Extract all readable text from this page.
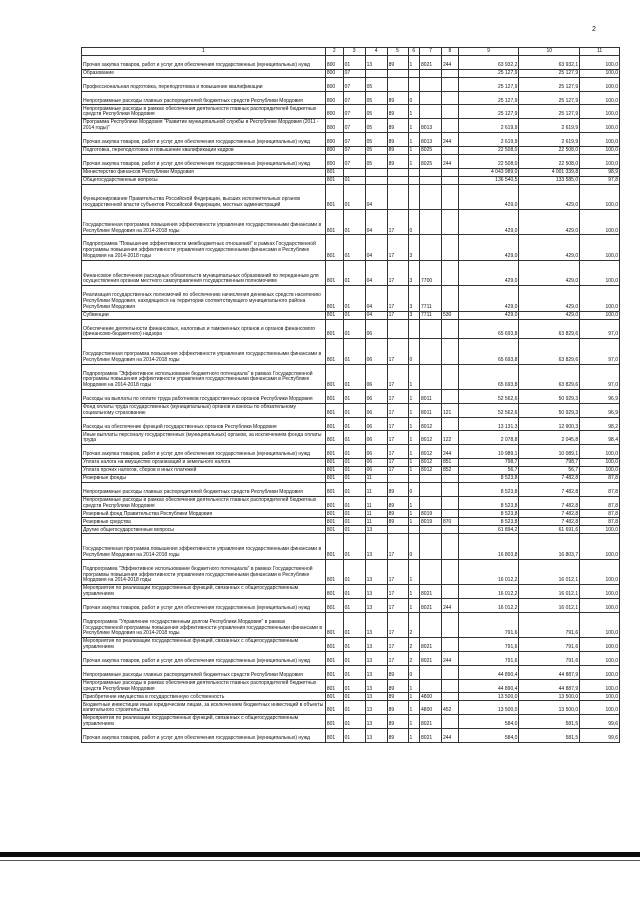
2
1	2	3	4	5	6	7	8	9	10	11
Прочая закупка товаров, работ и услуг для обеспечения государственных (муниципальных) нужд	800	01	13	89	1	8021	244	63 932,2	63 932,1	100,0
Образование	800	07						25 127,9	25 127,9	100,0
Профессиональная подготовка, переподготовка и повышение квалификации	800	07	05					25 127,9	25 127,9	100,0
Непрограммные расходы главных распорядителей бюджетных средств Республики Мордовия	800	07	05	89	0			25 127,9	25 127,9	100,0
Непрограммные расходы в рамках обеспечения деятельности главных распорядителей бюджетных средств Республики Мордовия	800	07	05	89	1			25 127,9	25 127,9	100,0
Программа Республики Мордовия "Развитие муниципальной службы в Республике Мордовия (2011 - 2014 годы)"	800	07	05	89	1	8013		2 619,9	2 619,9	100,0
Прочая закупка товаров, работ и услуг для обеспечения государственных (муниципальных) нужд	800	07	05	89	1	8013	244	2 619,9	2 619,9	100,0
Подготовка, переподготовка и повышение квалификации кадров	800	07	05	89	1	8025		22 508,0	22 508,0	100,0
Прочая закупка товаров, работ и услуг для обеспечения государственных (муниципальных) нужд	800	07	05	89	1	8025	244	22 508,0	22 508,0	100,0
Министерство финансов Республики Мордовия	801							4 043 989,0	4 001 339,8	98,9
Общегосударственные вопросы	801	01						136 540,5	133 585,0	97,8
Функционирование Правительства Российской Федерации, высших исполнительных органов государственной власти субъектов Российской Федерации, местных администраций	801	01	04					429,0	429,0	100,0
Государственная программа повышения эффективности управления государственными финансами в Республике Мордовия на 2014-2018 годы	801	01	04	17	0			429,0	429,0	100,0
Подпрограмма "Повышение эффективности межбюджетных отношений" в рамках Государственной программы повышения эффективности управления государственными финансами в Республике Мордовия на 2014-2018 годы	801	01	04	17	3			429,0	429,0	100,0
Финансовое обеспечение расходных обязательств муниципальных образований по переданным для осуществления органам местного самоуправления государственным полномочиям	801	01	04	17	3	7700		429,0	429,0	100,0
Реализация государственных полномочий по обеспечению начисления денежных средств населению Республики Мордовия, находящихся на территории соответствующего муниципального района Республики Мордовия	801	01	04	17	3	7711		429,0	429,0	100,0
Субвенции	801	01	04	17	3	7711	530	429,0	429,0	100,0
Обеспечение деятельности финансовых, налоговых и таможенных органов и органов финансового (финансово-бюджетного) надзора	801	01	06					65 693,8	63 829,6	97,0
Государственная программа повышения эффективности управления государственными финансами в Республике Мордовия на 2014-2018 годы	801	01	06	17	0			65 693,8	63 829,6	97,0
Подпрограмма "Эффективное использование бюджетного потенциала" в рамках Государственной программы повышения эффективности управления государственными финансами в Республике Мордовия на 2014-2018 годы	801	01	06	17	1			65 693,8	63 829,6	97,0
Расходы на выплаты по оплате труда работников государственных органов Республики Мордовия	801	01	06	17	1	8011		52 562,6	50 929,3	96,9
Фонд оплаты труда государственных (муниципальных) органов и взносы по обязательному социальному страхованию	801	01	06	17	1	8011	121	52 562,6	50 929,3	96,9
Расходы на обеспечение функций государственных органов Республики Мордовия	801	01	06	17	1	8012		13 131,3	12 900,3	98,2
Иные выплаты персоналу государственных (муниципальных) органов, за исключением фонда оплаты труда	801	01	06	17	1	8012	122	2 078,8	2 045,8	98,4
Прочая закупка товаров, работ и услуг для обеспечения государственных (муниципальных) нужд	801	01	06	17	1	8012	244	10 989,1	10 089,1	100,0
Уплата налога на имущество организаций и земельного налога	801	01	06	17	1	8012	851	798,7	798,7	100,0
Уплата прочих налогов, сборов и иных платежей	801	01	06	17	1	8012	852	56,7	56,7	100,0
Резервные фонды	801	01	11					8 523,8	7 482,8	87,8
Непрограммные расходы главных распорядителей бюджетных средств Республики Мордовия	801	01	11	89	0			8 523,8	7 482,8	87,8
Непрограммные расходы в рамках обеспечения деятельности главных распорядителей бюджетных средств Республики Мордовия	801	01	11	89	1			8 523,8	7 482,8	87,8
Резервный фонд Правительства Республики Мордовия	801	01	11	89	1	8019		8 523,8	7 482,8	87,8
Резервные средства	801	01	11	89	1	8019	870	8 523,8	7 482,8	87,8
Другие общегосударственные вопросы	801	01	13					61 894,2	61 691,6	100,0
Государственная программа повышения эффективности управления государственными финансами в Республике Мордовия на 2014-2018 годы	801	01	13	17	0			16 803,8	16 803,7	100,0
Подпрограмма "Эффективное использование бюджетного потенциала" в рамках Государственной программы повышения эффективности управления государственными финансами в Республике Мордовия на 2014-2018 годы	801	01	13	17	1			16 012,2	16 012,1	100,0
Мероприятия по реализации государственных функций, связанных с общегосударственным управлением	801	01	13	17	1	8021		16 012,2	16 012,1	100,0
Прочая закупка товаров, работ и услуг для обеспечения государственных (муниципальных) нужд	801	01	13	17	1	8021	244	16 012,2	16 012,1	100,0
Подпрограмма "Управление государственным долгом Республики Мордовия" в рамках Государственной программы повышения эффективности управления государственными финансами в Республике Мордовия на 2014-2018 годы	801	01	13	17	2			791,6	791,6	100,0
Мероприятия по реализации государственных функций, связанных с общегосударственным управлением	801	01	13	17	2	8021		791,6	791,6	100,0
Прочая закупка товаров, работ и услуг для обеспечения государственных (муниципальных) нужд	801	01	13	17	2	8021	244	791,6	791,6	100,0
Непрограммные расходы главных распорядителей бюджетных средств Республики Мордовия	801	01	13	89	0			44 890,4	44 887,9	100,0
Непрограммные расходы в рамках обеспечения деятельности главных распорядителей бюджетных средств Республики Мордовия	801	01	13	89	1			44 890,4	44 887,9	100,0
Приобретение имущества в государственную собственность	801	01	13	89	1	4800		13 500,0	13 500,0	100,0
Бюджетные инвестиции иным юридическим лицам, за исключением бюджетных инвестиций в объекты капитального строительства	801	01	13	89	1	4800	452	13 500,0	13 500,0	100,0
Мероприятия по реализации государственных функций, связанных с общегосударственным управлением	801	01	13	89	1	8021		584,0	581,5	99,6
Прочая закупка товаров, работ и услуг для обеспечения государственных (муниципальных) нужд	801	01	13	89	1	8021	244	584,0	581,5	99,6
